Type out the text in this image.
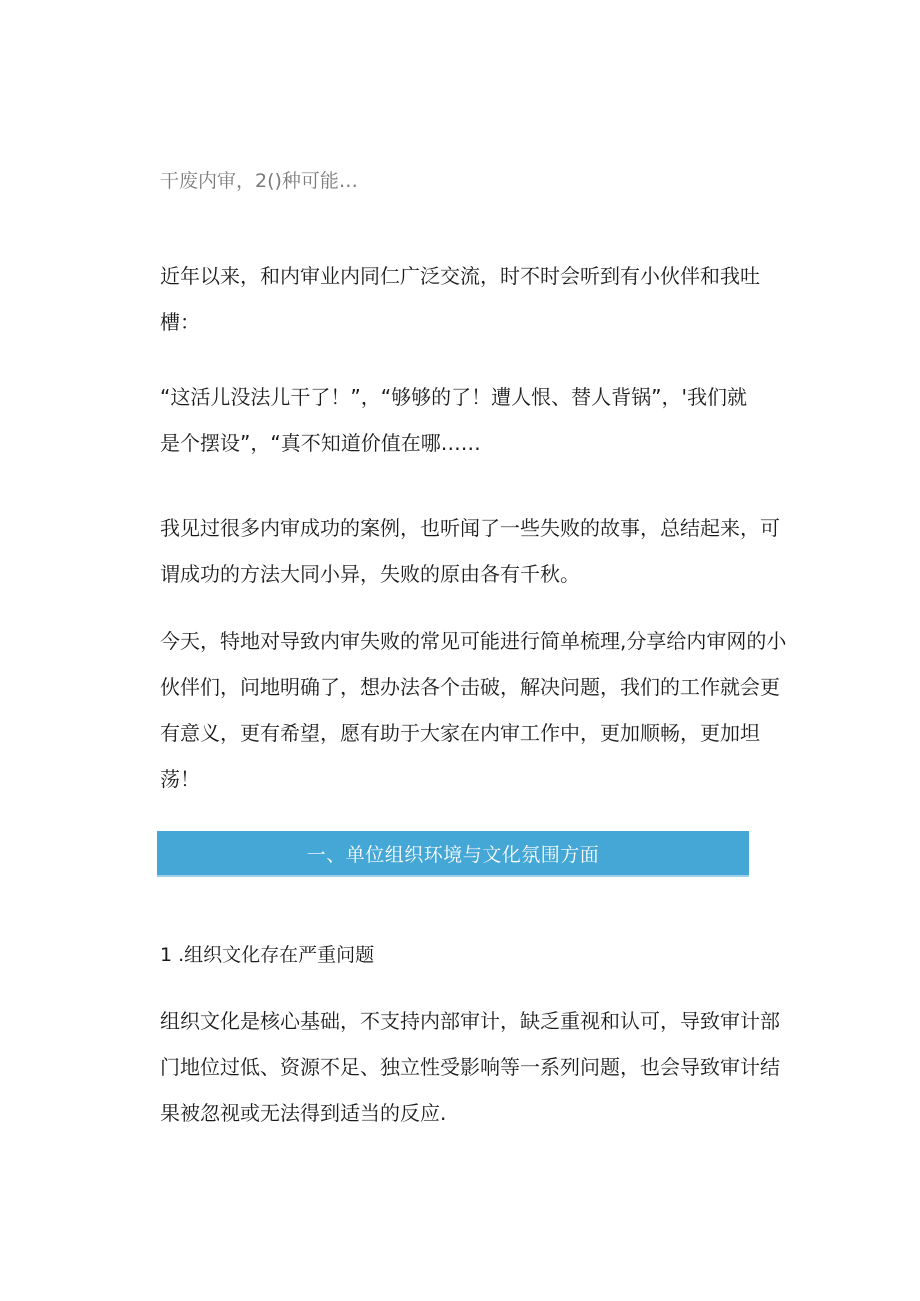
干废内审，2()种可能…
近年以来，和内审业内同仁广泛交流，时不时会听到有小伙伴和我吐
槽：
“这活儿没法儿干了！”，“够够的了！遭人恨、替人背锅”，'我们就
是个摆设”，“真不知道价值在哪……
我见过很多内审成功的案例，也听闻了一些失败的故事，总结起来，可
谓成功的方法大同小异，失败的原由各有千秋。
今天，特地对导致内审失败的常见可能进行简单梳理,分享给内审网的小
伙伴们，问地明确了，想办法各个击破，解决问题，我们的工作就会更
有意义，更有希望，愿有助于大家在内审工作中，更加顺畅，更加坦
荡！
一、单位组织环境与文化氛围方面
1 .组织文化存在严重问题
组织文化是核心基础，不支持内部审计，缺乏重视和认可，导致审计部
门地位过低、资源不足、独立性受影响等一系列问题，也会导致审计结
果被忽视或无法得到适当的反应.
